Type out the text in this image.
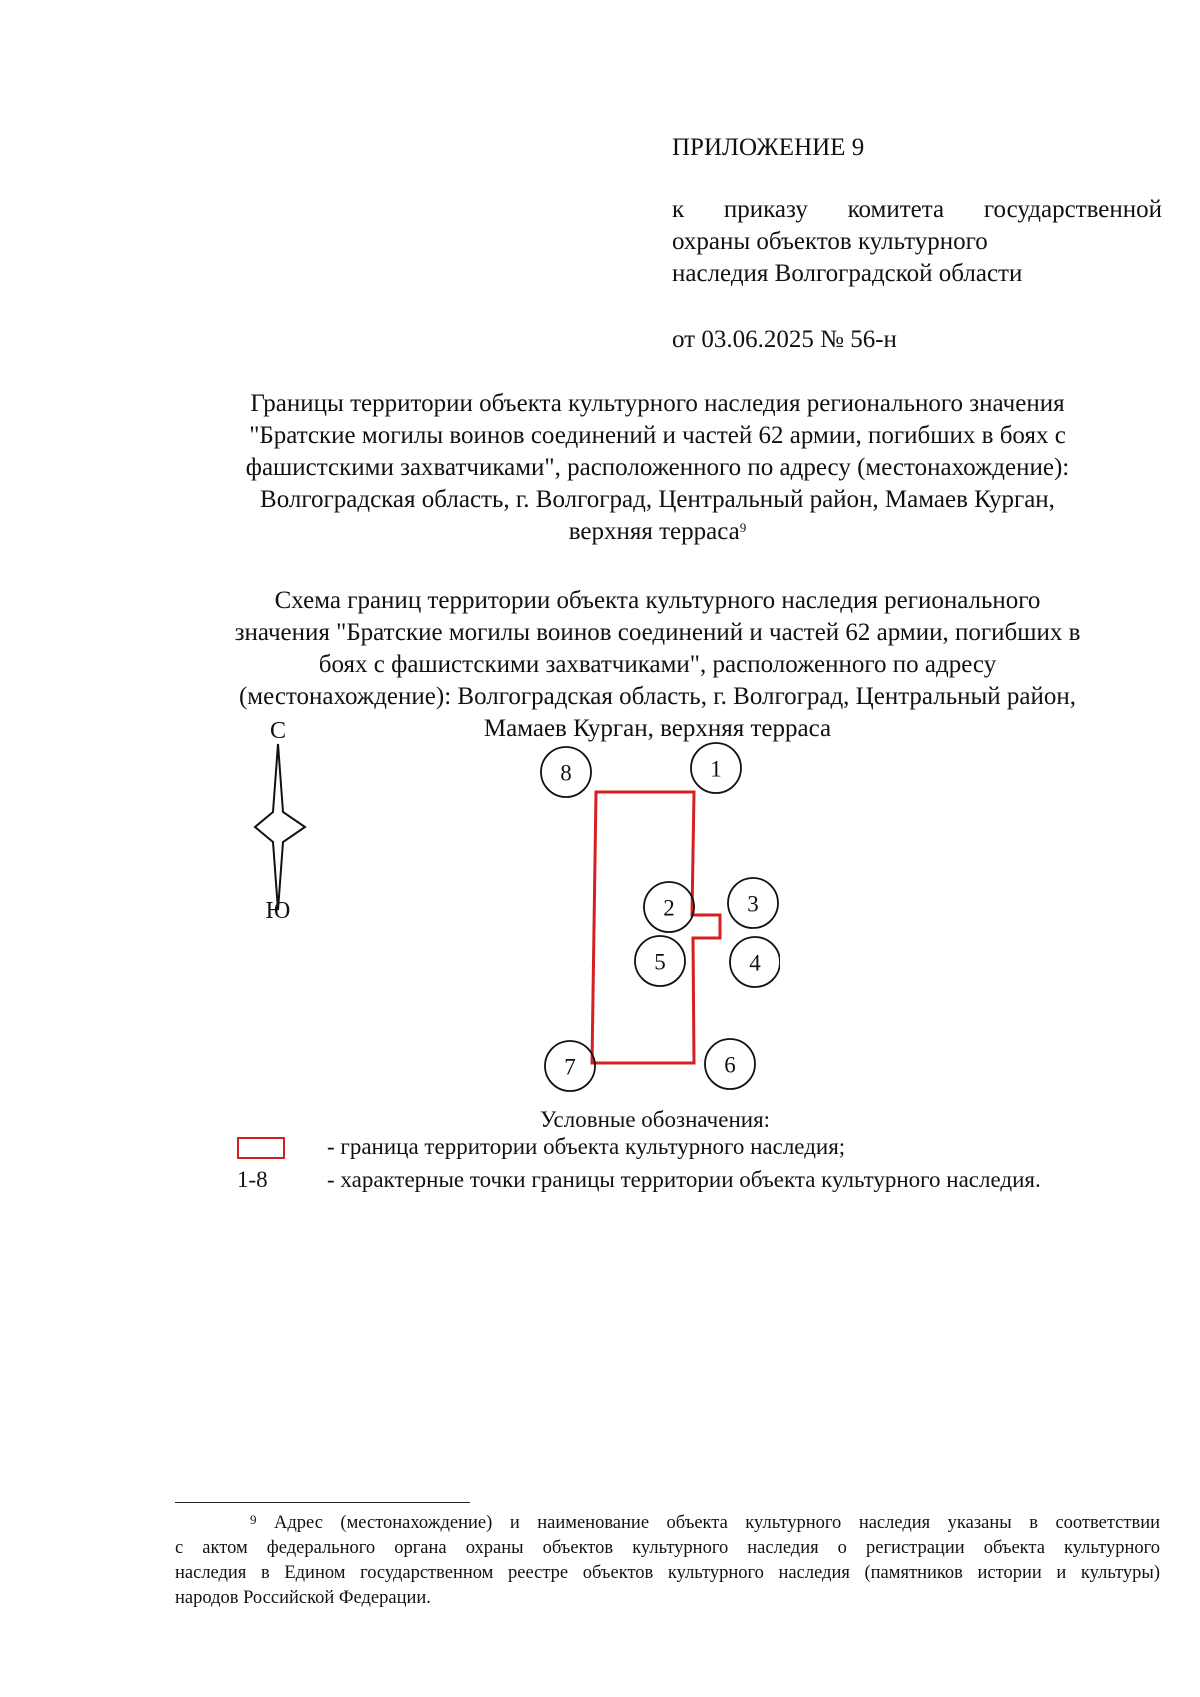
ПРИЛОЖЕНИЕ 9
к приказу комитета государственной
охраны объектов культурного
наследия Волгоградской области
от 03.06.2025 № 56-н
Границы территории объекта культурного наследия регионального значения
"Братские могилы воинов соединений и частей 62 армии, погибших в боях с
фашистскими захватчиками", расположенного по адресу (местонахождение):
Волгоградская область, г. Волгоград, Центральный район, Мамаев Курган,
верхняя терраса$^9$
Схема границ территории объекта культурного наследия регионального
значения "Братские могилы воинов соединений и частей 62 армии, погибших в
боях с фашистскими захватчиками", расположенного по адресу
(местонахождение): Волгоградская область, г. Волгоград, Центральный район,
Мамаев Курган, верхняя терраса
С
Ю
1
2	3
4
5
6
7
8
Условные обозначения:
- граница территории объекта культурного наследия;
1-8	- характерные точки границы территории объекта культурного наследия.
$^9$ Адрес (местонахождение) и наименование объекта культурного наследия указаны в соответствии
с актом федерального органа охраны объектов культурного наследия о регистрации объекта культурного
наследия в Едином государственном реестре объектов культурного наследия (памятников истории и культуры)
народов Российской Федерации.
